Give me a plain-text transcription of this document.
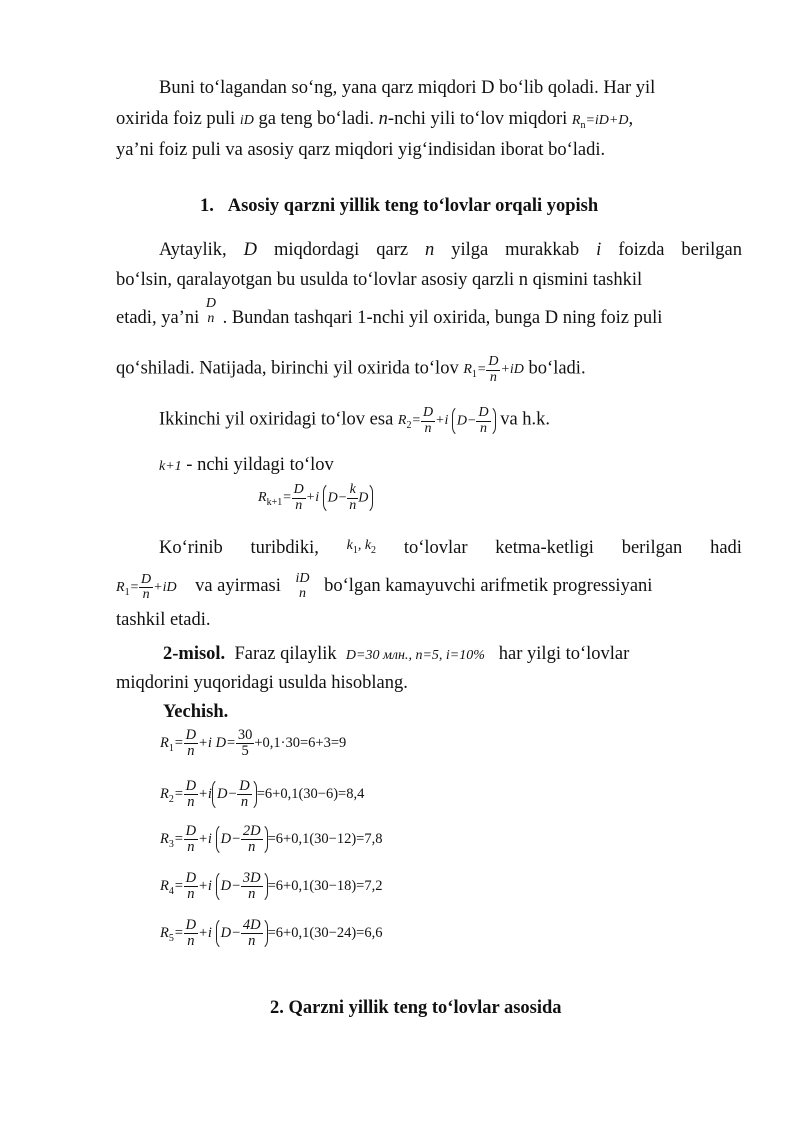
Buni to‘lagandan so‘ng, yana qarz miqdori D bo‘lib qoladi. Har yil
oxirida foiz puli iD ga teng bo‘ladi. n-nchi yili to‘lov miqdori $R_n=iD+D$,
ya’ni foiz puli va asosiy qarz miqdori yig‘indisidan iborat bo‘ladi.
1. Asosiy qarzni yillik teng to‘lovlar orqali yopish
Aytaylik, D miqdordagi qarz n yilga murakkab i foizda berilgan
bo‘lsin, qaralayotgan bu usulda to‘lovlar asosiy qarzli n qismini tashkil
etadi, ya’ni
D
n . Bundan tashqari 1-nchi yil oxirida, bunga D ning foiz puli
qo‘shiladi. Natijada, birinchi yil oxirida to‘lov $R_1= \frac{D}{n} +iD$ bo‘ladi.
Ikkinchi yil oxiridagi to‘lov esa $R_2= \frac{D}{n} +i$ $D- \frac{D}{n}$ va h.k.
k+1 - nchi yildagi to‘lov
$R_{k+1}= \frac{D}{n} +i$ $D- \frac{k}{n}$ D
Ko‘rinib turibdiki, $k_1$, $k_2$ to‘lovlar ketma-ketligi berilgan hadi
$R_1= \frac{D}{n} +iD$ va ayirmasi iD
n bo‘lgan kamayuvchi arifmetik progressiyani
tashkil etadi.
2-misol. Faraz qilaylik D=30 млн., n=5, i=10% har yilgi to‘lovlar
miqdorini yuqoridagi usulda hisoblang.
Yechish.
$R_1= \frac{D}{n} +i$ $D= \frac{30}{5} +0,1\cdot 30=6+3=9$
$R_2= \frac{D}{n} +i$ $D- \frac{D}{n} =6+0,1(30-6)=8,4$
$R_3= \frac{D}{n} +i$ $D- \frac{2D}{n} =6+0,1(30-12)=7,8$
$R_4= \frac{D}{n} +i$ $D- \frac{3D}{n} =6+0,1(30-18)=7,2$
$R_5= \frac{D}{n} +i$ $D- \frac{4D}{n} =6+0,1(30-24)=6,6$
2. Qarzni yillik teng to‘lovlar asosida
